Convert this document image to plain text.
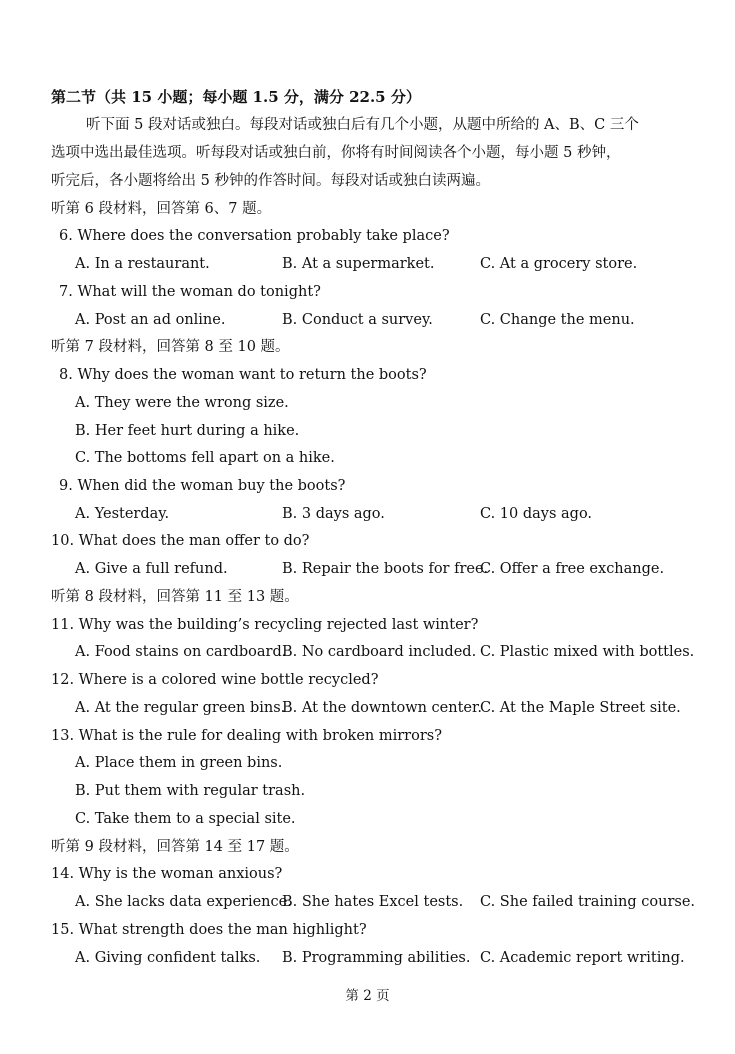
第二节（共 15 小题；每小题 1.5 分，满分 22.5 分）
听下面 5 段对话或独白。每段对话或独白后有几个小题，从题中所给的 A、B、C 三个
选项中选出最佳选项。听每段对话或独白前，你将有时间阅读各个小题，每小题 5 秒钟，
听完后，各小题将给出 5 秒钟的作答时间。每段对话或独白读两遍。
听第 6 段材料，回答第 6、7 题。
6. Where does the conversation probably take place?
A. In a restaurant.	B. At a supermarket.	C. At a grocery store.
7. What will the woman do tonight?
A. Post an ad online.	B. Conduct a survey.	C. Change the menu.
听第 7 段材料，回答第 8 至 10 题。
8. Why does the woman want to return the boots?
A. They were the wrong size.
B. Her feet hurt during a hike.
C. The bottoms fell apart on a hike.
9. When did the woman buy the boots?
A. Yesterday.	B. 3 days ago.	C. 10 days ago.
10. What does the man offer to do?
A. Give a full refund.	B. Repair the boots for free.
C. Offer a free exchange.
听第 8 段材料，回答第 11 至 13 题。
11. Why was the building’s recycling rejected last winter?
A. Food stains on cardboard.
B. No cardboard included. C. Plastic mixed with bottles.
12. Where is a colored wine bottle recycled?
A. At the regular green bins.
B. At the downtown center.
C. At the Maple Street site.
13. What is the rule for dealing with broken mirrors?
A. Place them in green bins.
B. Put them with regular trash.
C. Take them to a special site.
听第 9 段材料，回答第 14 至 17 题。
14. Why is the woman anxious?
A. She lacks data experience.
B. She hates Excel tests. C. She failed training course.
15. What strength does the man highlight?
A. Giving confident talks. B. Programming abilities. C. Academic report writing.
第 2 页
